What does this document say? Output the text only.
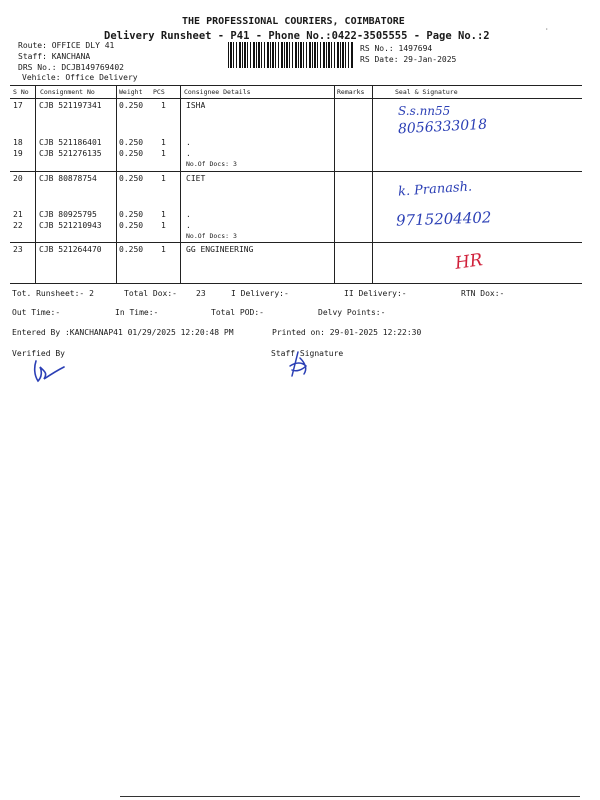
THE PROFESSIONAL COURIERS, COIMBATORE
Delivery Runsheet - P41 - Phone No.:0422-3505555 - Page No.:2
Route: OFFICE DLY 41
Staff: KANCHANA
DRS No.: DCJB149769402
Vehicle: Office Delivery
RS No.: 1497694
RS Date: 29-Jan-2025
·
S No Consignment No	Weight PCS	Consignee Details	Remarks	Seal & Signature
17 CJB 521197341 0.250 1	ISHA
18 CJB 521186401 0.250 1	.
19 CJB 521276135 0.250 1	.
No.Of Docs: 3
S.s.nn55
8056333018
20 CJB 80878754	0.250 1	CIET
21 CJB 80925795	0.250 1	.
22 CJB 521210943 0.250 1	.
No.Of Docs: 3
k. Pranash.
9715204402
23 CJB 521264470 0.250 1	GG ENGINEERING
HR
Tot. Runsheet:- 2	Total Dox:- 23	I Delivery:-	II Delivery:-	RTN Dox:-
Out Time:-	In Time:-	Total POD:-	Delvy Points:-
Entered By :KANCHANAP41 01/29/2025 12:20:48 PM	Printed on: 29-01-2025 12:22:30
Verified By	Staff Signature
